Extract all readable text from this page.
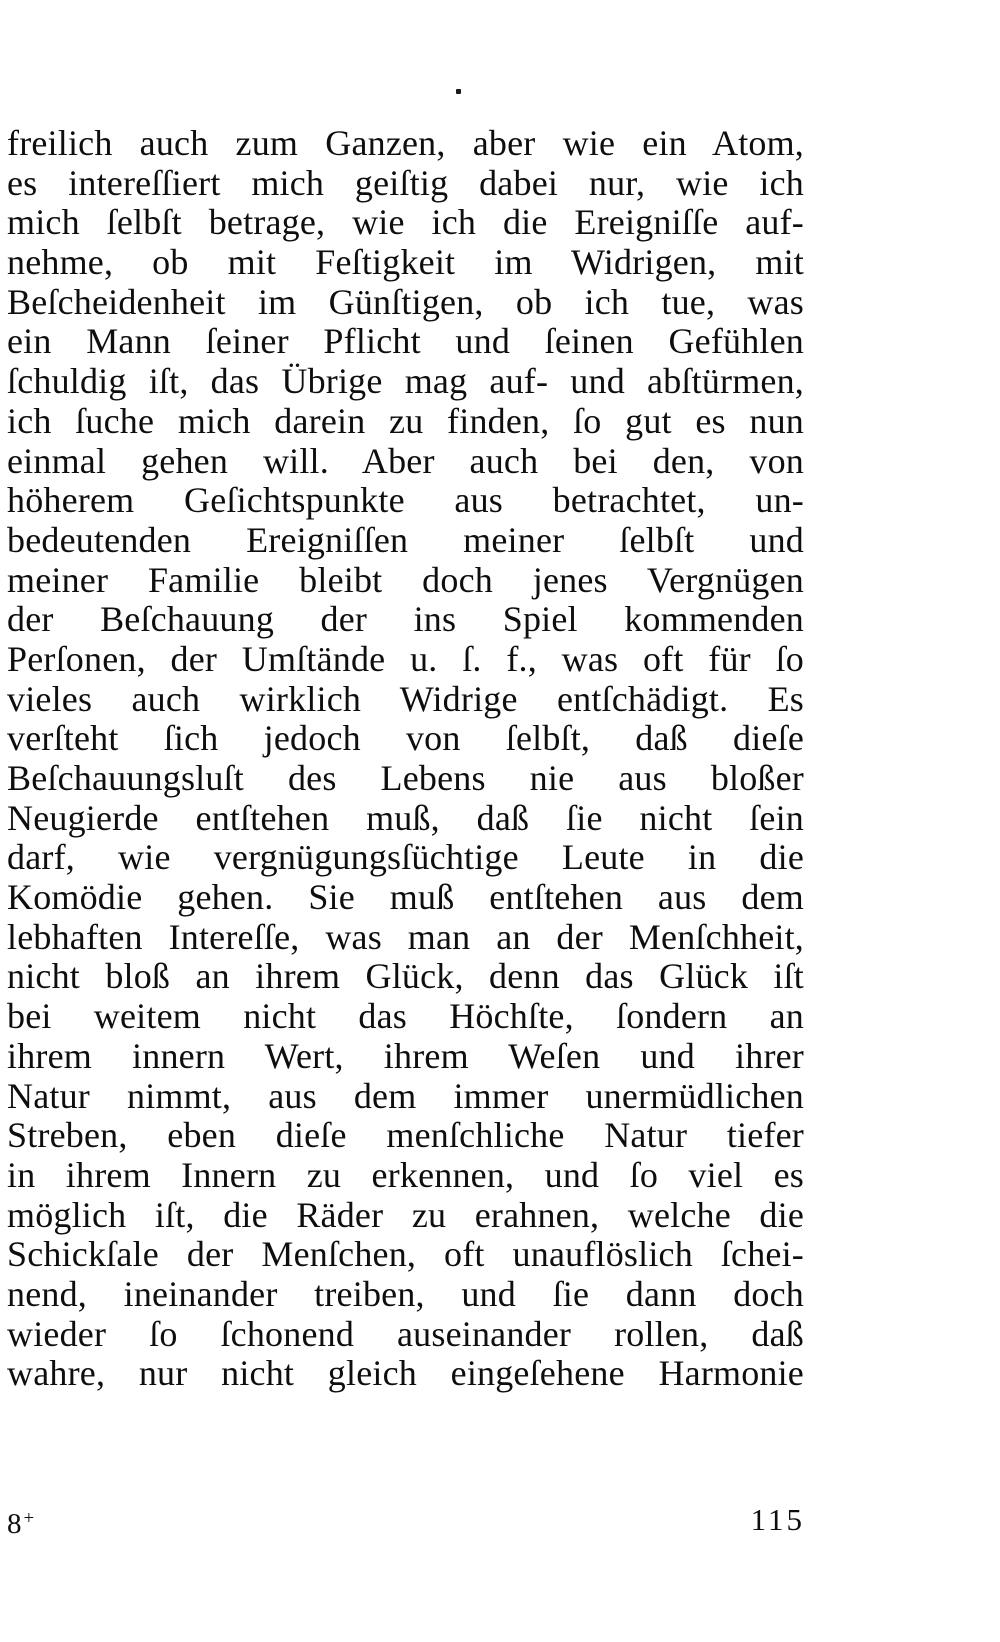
freilich auch zum Ganzen, aber wie ein Atom,
es intereſſiert mich geiſtig dabei nur, wie ich
mich ſelbſt betrage, wie ich die Ereigniſſe auf-
nehme, ob mit Feſtigkeit im Widrigen, mit
Beſcheidenheit im Günſtigen, ob ich tue, was
ein Mann ſeiner Pflicht und ſeinen Gefühlen
ſchuldig iſt, das Übrige mag auf- und abſtürmen,
ich ſuche mich darein zu finden, ſo gut es nun
einmal gehen will. Aber auch bei den, von
höherem Geſichtspunkte aus betrachtet, un-
bedeutenden Ereigniſſen meiner ſelbſt und
meiner Familie bleibt doch jenes Vergnügen
der Beſchauung der ins Spiel kommenden
Perſonen, der Umſtände u. ſ. f., was oft für ſo
vieles auch wirklich Widrige entſchädigt. Es
verſteht ſich jedoch von ſelbſt, daß dieſe
Beſchauungsluſt des Lebens nie aus bloßer
Neugierde entſtehen muß, daß ſie nicht ſein
darf, wie vergnügungsſüchtige Leute in die
Komödie gehen. Sie muß entſtehen aus dem
lebhaften Intereſſe, was man an der Menſchheit,
nicht bloß an ihrem Glück, denn das Glück iſt
bei weitem nicht das Höchſte, ſondern an
ihrem innern Wert, ihrem Weſen und ihrer
Natur nimmt, aus dem immer unermüdlichen
Streben, eben dieſe menſchliche Natur tiefer
in ihrem Innern zu erkennen, und ſo viel es
möglich iſt, die Räder zu erahnen, welche die
Schickſale der Menſchen, oft unauflöslich ſchei-
nend, ineinander treiben, und ſie dann doch
wieder ſo ſchonend auseinander rollen, daß
wahre, nur nicht gleich eingeſehene Harmonie
8 +	115
